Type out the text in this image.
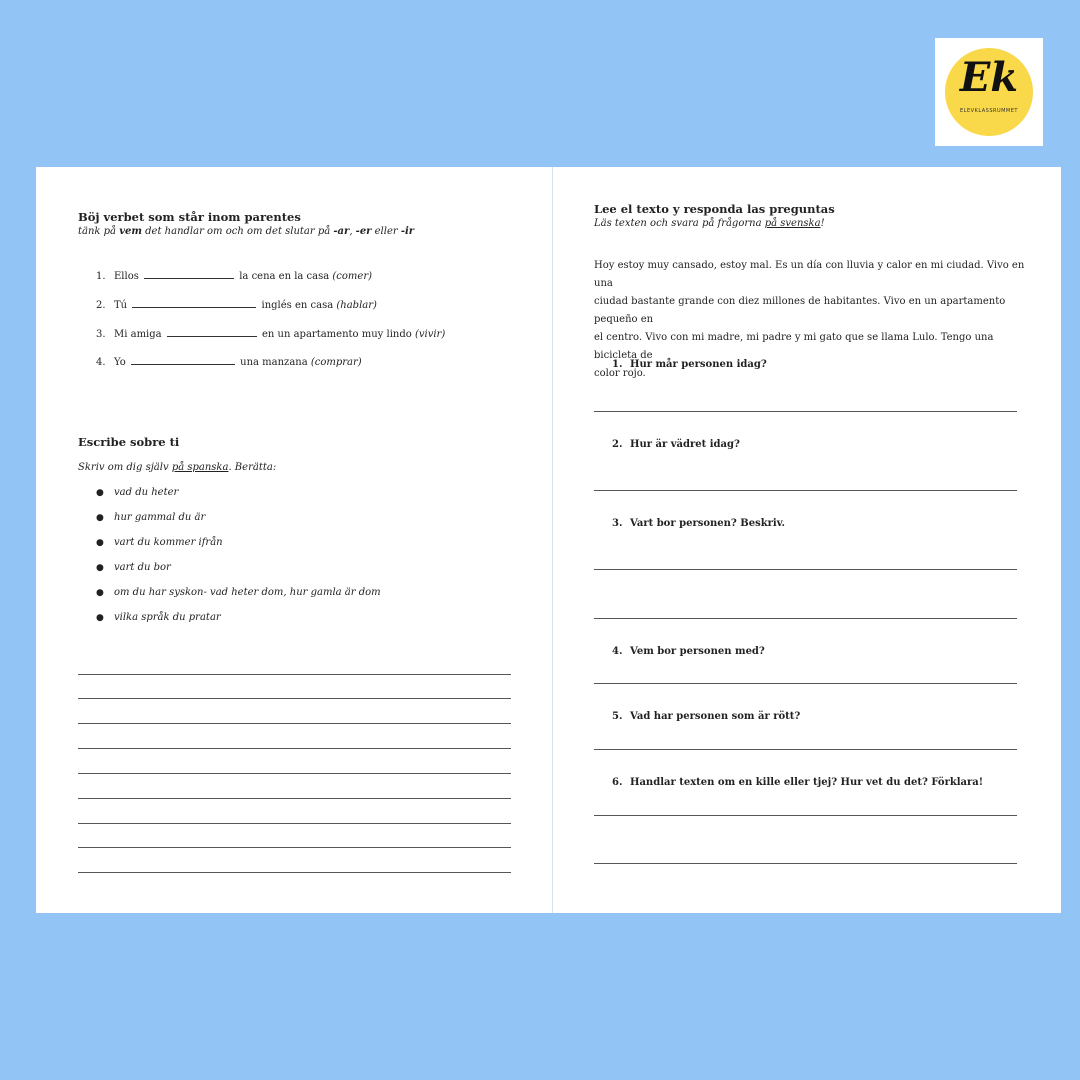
Ek
ELEVKLASSRUMMET
Böj verbet som står inom parentes
tänk på vem det handlar om och om det slutar på -ar, -er eller -ir
1. Ellos	la cena en la casa (comer)
2. Tú	inglés en casa (hablar)
3. Mi amiga	en un apartamento muy lindo (vivir)
4. Yo	una manzana (comprar)
Escribe sobre ti
Skriv om dig själv på spanska. Berätta:
● vad du heter
● hur gammal du är
● vart du kommer ifrån
● vart du bor
● om du har syskon- vad heter dom, hur gamla är dom
● vilka språk du pratar
Lee el texto y responda las preguntas
Läs texten och svara på frågorna på svenska!
Hoy estoy muy cansado, estoy mal. Es un día con lluvia y calor en mi ciudad. Vivo en una
ciudad bastante grande con diez millones de habitantes. Vivo en un apartamento pequeño en
el centro. Vivo con mi madre, mi padre y mi gato que se llama Lulo. Tengo una bicicleta de
color rojo.
1. Hur mår personen idag?
2. Hur är vädret idag?
3. Vart bor personen? Beskriv.
4. Vem bor personen med?
5. Vad har personen som är rött?
6. Handlar texten om en kille eller tjej? Hur vet du det? Förklara!
